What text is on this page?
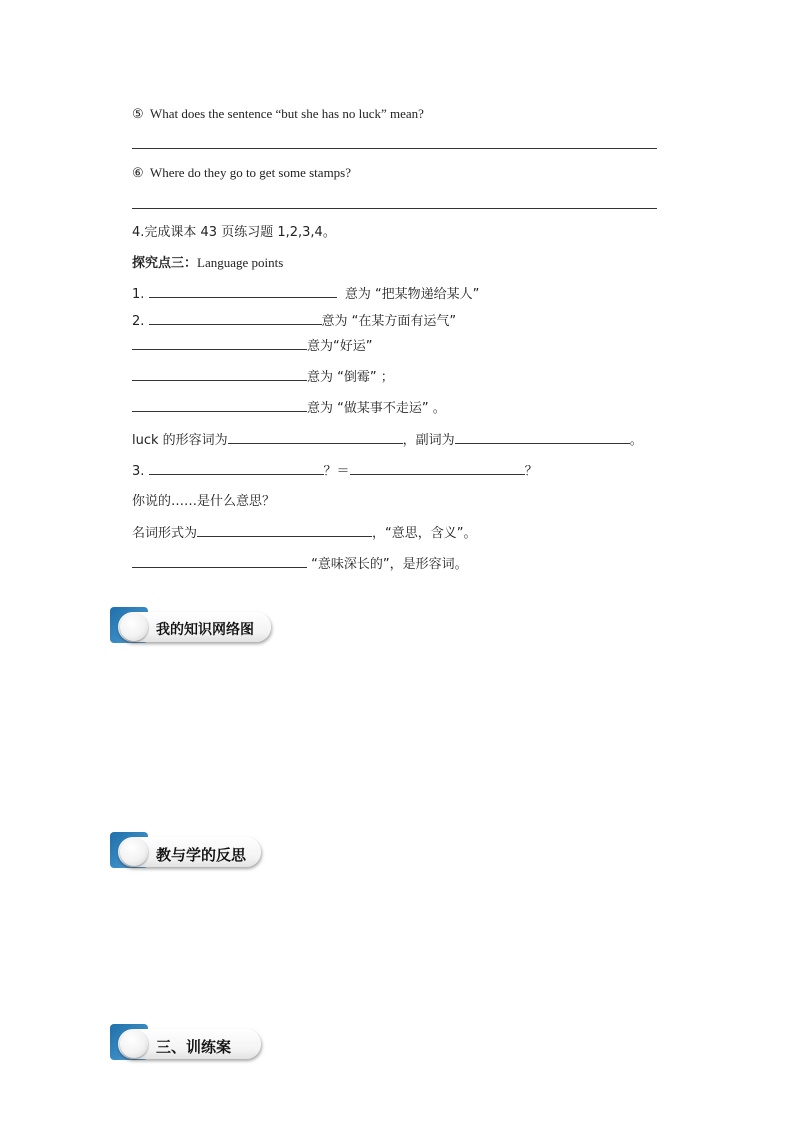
⑤ What does the sentence “but she has no luck” mean?
⑥ Where do they go to get some stamps?
4.完成课本 43 页练习题 1,2,3,4。
探究点三：Language points
1.	意为 “把某物递给某人”
2.	意为 “在某方面有运气”
意为“好运”
意为 “倒霉” ；
意为 “做某事不走运” 。
luck 的形容词为	，副词为	。
3.	？＝	？
你说的……是什么意思？
名词形式为	，“意思，含义”。
“意味深长的”，是形容词。
我的知识网络图
教与学的反思
三、训练案
